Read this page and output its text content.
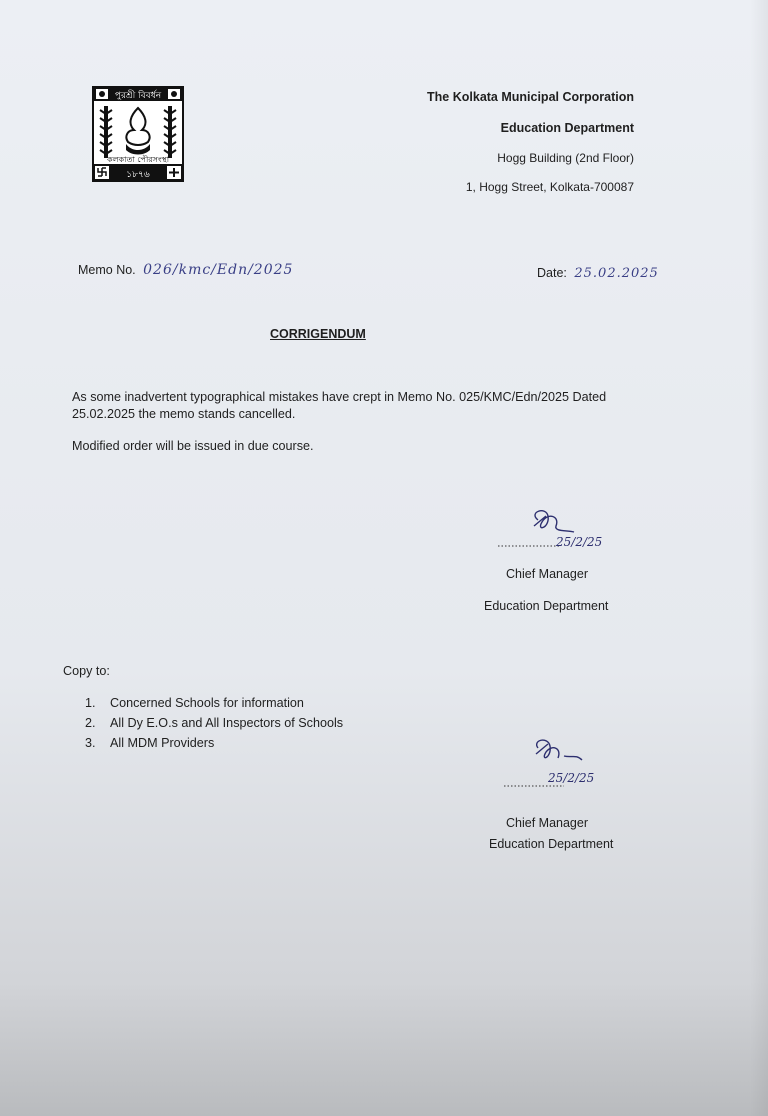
পুরশ্রী বিবর্ধন
কলকাতা পৌরসংস্থা
১৮৭৬
The Kolkata Municipal Corporation
Education Department
Hogg Building (2nd Floor)
1, Hogg Street, Kolkata-700087
Memo No. 026/kmc/Edn/2025	Date: 25.02.2025
CORRIGENDUM
As some inadvertent typographical mistakes have crept in Memo No. 025/KMC/Edn/2025 Dated
25.02.2025 the memo stands cancelled.
Modified order will be issued in due course.
25/2/25
Chief Manager
Education Department
Copy to:
1. Concerned Schools for information
2. All Dy E.O.s and All Inspectors of Schools
3. All MDM Providers
25/2/25
Chief Manager
Education Department
